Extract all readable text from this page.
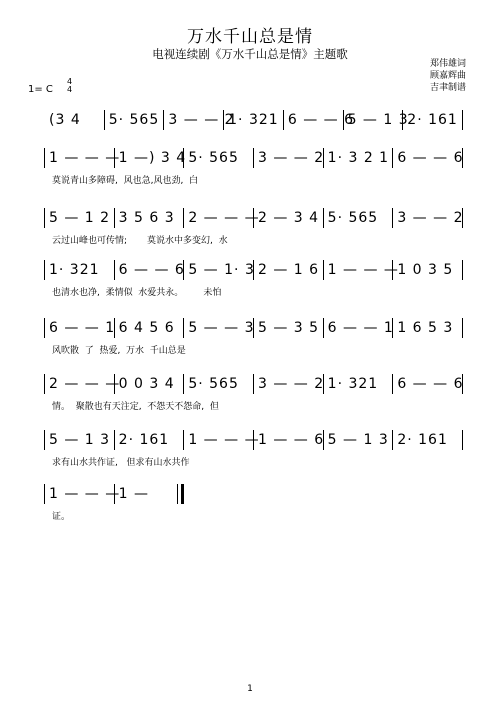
万水千山总是情
电视连续剧《万水千山总是情》主题歌
郑伟雄词
顾嘉辉曲
吉聿制谱
1= C
4
4
(3 4 5· 565 3 — — 2
1· 321 6 — — 6
5 — 1 3
2· 161
1 — — —
1 —) 3 4 5· 565 3 — — 2 1· 3 2 1 6 — — 6
莫说青山多障碍,  风也急,风也劲,  白
5 — 1 2 3 5 6 3 2 — — —
2 — 3 4 5· 565 3 — — 2
云过山峰也可传情;       莫说水中多变幻,  水
1· 321 6 — — 6 5 — 1· 3 2 — 1 6 1 — — —
1 0 3 5
也清水也净,  柔情似  水爱共永。       未怕
6 — — 1 6 4 5 6 5 — — 3 5 — 3 5 6 — — 1 1 6 5 3
风吹散  了  热爱,  万水  千山总是
2 — — —
0 0 3 4 5· 565 3 — — 2 1· 321 6 — — 6
情。  聚散也有天注定,  不怨天不怨命,  但
5 — 1 3 2· 161 1 — — —
1 — — 6 5 — 1 3 2· 161
求有山水共作证,   但求有山水共作
1 — — —
1 —
证。
1
